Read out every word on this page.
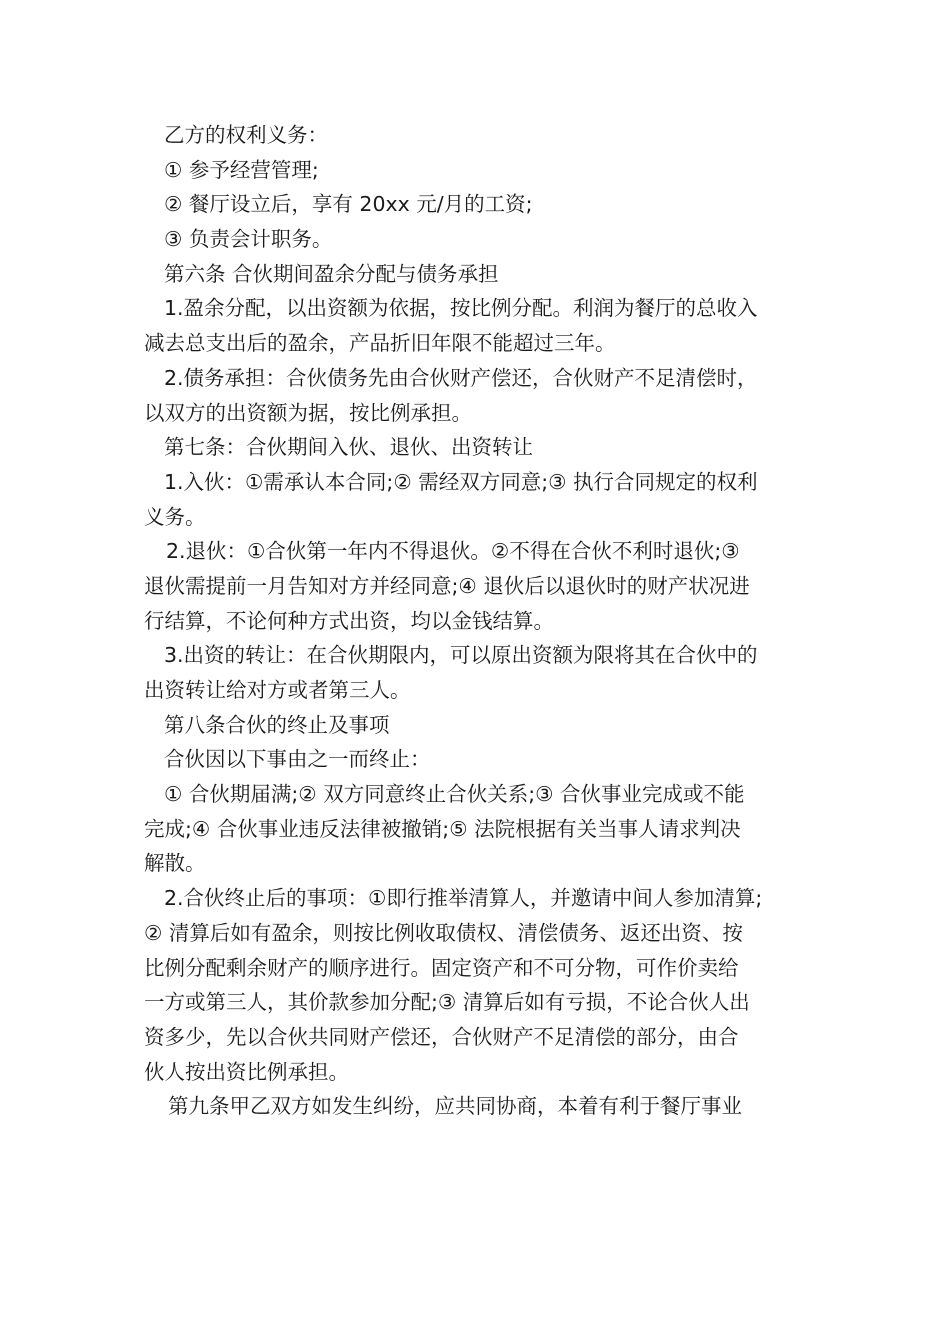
乙方的权利义务：
① 参予经营管理;
② 餐厅设立后，享有 20xx 元/月的工资;
③ 负责会计职务。
第六条 合伙期间盈余分配与债务承担
1.盈余分配，以出资额为依据，按比例分配。利润为餐厅的总收入
减去总支出后的盈余，产品折旧年限不能超过三年。
2.债务承担：合伙债务先由合伙财产偿还，合伙财产不足清偿时，
以双方的出资额为据，按比例承担。
第七条：合伙期间入伙、退伙、出资转让
1.入伙：①需承认本合同;② 需经双方同意;③ 执行合同规定的权利
义务。
2.退伙：①合伙第一年内不得退伙。②不得在合伙不利时退伙;③
退伙需提前一月告知对方并经同意;④ 退伙后以退伙时的财产状况进
行结算，不论何种方式出资，均以金钱结算。
3.出资的转让：在合伙期限内，可以原出资额为限将其在合伙中的
出资转让给对方或者第三人。
第八条合伙的终止及事项
合伙因以下事由之一而终止：
① 合伙期届满;② 双方同意终止合伙关系;③ 合伙事业完成或不能
完成;④ 合伙事业违反法律被撤销;⑤ 法院根据有关当事人请求判决
解散。
2.合伙终止后的事项：①即行推举清算人，并邀请中间人参加清算;
② 清算后如有盈余，则按比例收取债权、清偿债务、返还出资、按
比例分配剩余财产的顺序进行。固定资产和不可分物，可作价卖给
一方或第三人，其价款参加分配;③ 清算后如有亏损，不论合伙人出
资多少，先以合伙共同财产偿还，合伙财产不足清偿的部分，由合
伙人按出资比例承担。
第九条甲乙双方如发生纠纷，应共同协商，本着有利于餐厅事业
